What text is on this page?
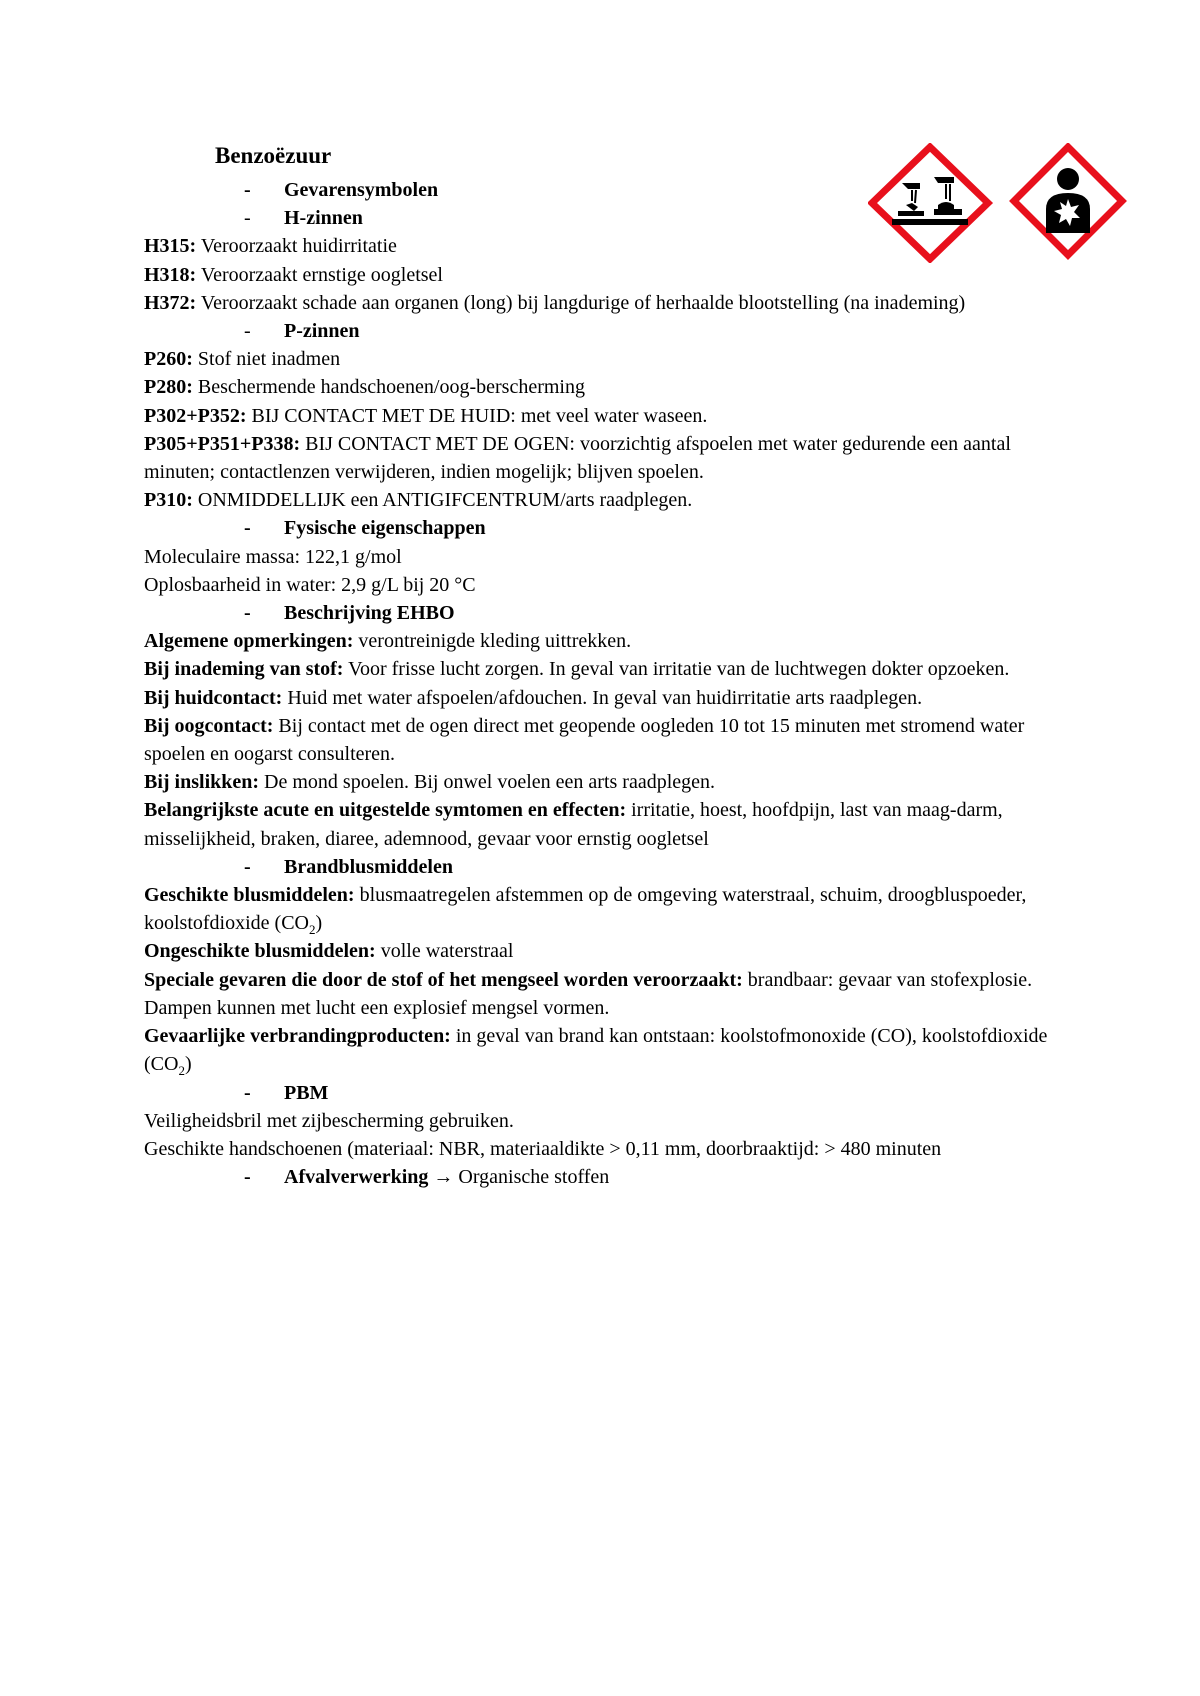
Benzoëzuur
- Gevarensymbolen
- H-zinnen
H315: Veroorzaakt huidirritatie
H318: Veroorzaakt ernstige oogletsel
H372: Veroorzaakt schade aan organen (long) bij langdurige of herhaalde blootstelling (na inademing)
- P-zinnen
P260: Stof niet inadmen
P280: Beschermende handschoenen/oog-berscherming
P302+P352: BIJ CONTACT MET DE HUID: met veel water waseen.
P305+P351+P338: BIJ CONTACT MET DE OGEN: voorzichtig afspoelen met water gedurende een aantal minuten; contactlenzen verwijderen, indien mogelijk; blijven spoelen.
P310: ONMIDDELLIJK een ANTIGIFCENTRUM/arts raadplegen.
- Fysische eigenschappen
Moleculaire massa: 122,1 g/mol
Oplosbaarheid in water: 2,9 g/L bij 20 °C
- Beschrijving EHBO
Algemene opmerkingen: verontreinigde kleding uittrekken.
Bij inademing van stof: Voor frisse lucht zorgen. In geval van irritatie van de luchtwegen dokter opzoeken.
Bij huidcontact: Huid met water afspoelen/afdouchen. In geval van huidirritatie arts raadplegen.
Bij oogcontact: Bij contact met de ogen direct met geopende oogleden 10 tot 15 minuten met stromend water spoelen en oogarst consulteren.
Bij inslikken: De mond spoelen. Bij onwel voelen een arts raadplegen.
Belangrijkste acute en uitgestelde symtomen en effecten: irritatie, hoest, hoofdpijn, last van maag-darm, misselijkheid, braken, diaree, ademnood, gevaar voor ernstig oogletsel
- Brandblusmiddelen
Geschikte blusmiddelen: blusmaatregelen afstemmen op de omgeving waterstraal, schuim, droogbluspoeder, koolstofdioxide $(CO_2)$
Ongeschikte blusmiddelen: volle waterstraal
Speciale gevaren die door de stof of het mengseel worden veroorzaakt: brandbaar: gevaar van stofexplosie. Dampen kunnen met lucht een explosief mengsel vormen.
Gevaarlijke verbrandingproducten: in geval van brand kan ontstaan: koolstofmonoxide (CO), koolstofdioxide $(CO_2)$
- PBM
Veiligheidsbril met zijbescherming gebruiken.
Geschikte handschoenen (materiaal: NBR, materiaaldikte > 0,11 mm, doorbraaktijd: > 480 minuten
- Afvalverwerking → Organische stoffen
